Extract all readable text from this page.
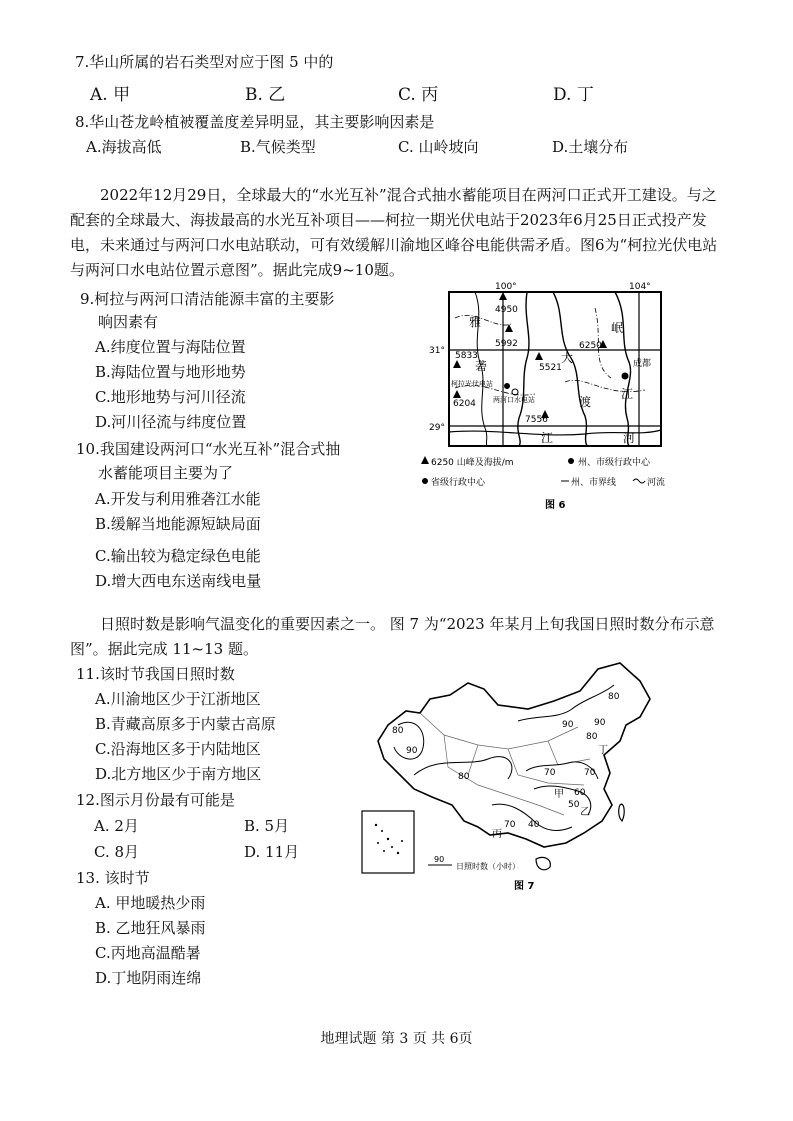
7.华山所属的岩石类型对应于图 5 中的
A. 甲	B. 乙	C. 丙	D. 丁
8.华山苍龙岭植被覆盖度差异明显，其主要影响因素是
A.海拔高低	B.气候类型	C. 山岭坡向	D.土壤分布
2022年12月29日，全球最大的“水光互补”混合式抽水蓄能项目在两河口正式开工建设。与之配套的全球最大、海拔最高的水光互补项目——柯拉一期光伏电站于2023年6月25日正式投产发电，未来通过与两河口水电站联动，可有效缓解川渝地区峰谷电能供需矛盾。图6为“柯拉光伏电站与两河口水电站位置示意图”。据此完成9~10题。
9.柯拉与两河口清洁能源丰富的主要影
响因素有
A.纬度位置与海陆位置
B.海陆位置与地形地势
C.地形地势与河川径流
D.河川径流与纬度位置
10.我国建设两河口“水光互补”混合式抽
水蓄能项目主要为了
A.开发与利用雅砻江水能
B.缓解当地能源短缺局面
C.输出较为稳定绿色电能
D.增大西电东送南线电量
100°	104°
31°
29°
4950
5992
5833
6204
5521
6250
7556
雅
砻
大
渡
岷
江
河
江
柯拉光伏电站
两河口水电站
成都
6250 山峰及海拔/m	州、市级行政中心
省级行政中心	州、市界线	河流
图 6
日照时数是影响气温变化的重要因素之一。 图 7 为“2023 年某月上旬我国日照时数分布示意图”。据此完成 11~13 题。
11.该时节我国日照时数
A.川渝地区少于江浙地区
B.青藏高原多于内蒙古高原
C.沿海地区多于内陆地区
D.北方地区少于南方地区
12.图示月份最有可能是
A. 2月	B. 5月
C. 8月	D. 11月
13. 该时节
A. 甲地暖热少雨
B. 乙地狂风暴雨
C.丙地高温酷暑
D.丁地阴雨连绵
80
80
90
90
80
90
80
70	70
60
50
40
70
丁
甲
乙
丙
90
日照时数（小时）
图 7
地理试题 第 3 页 共 6页
